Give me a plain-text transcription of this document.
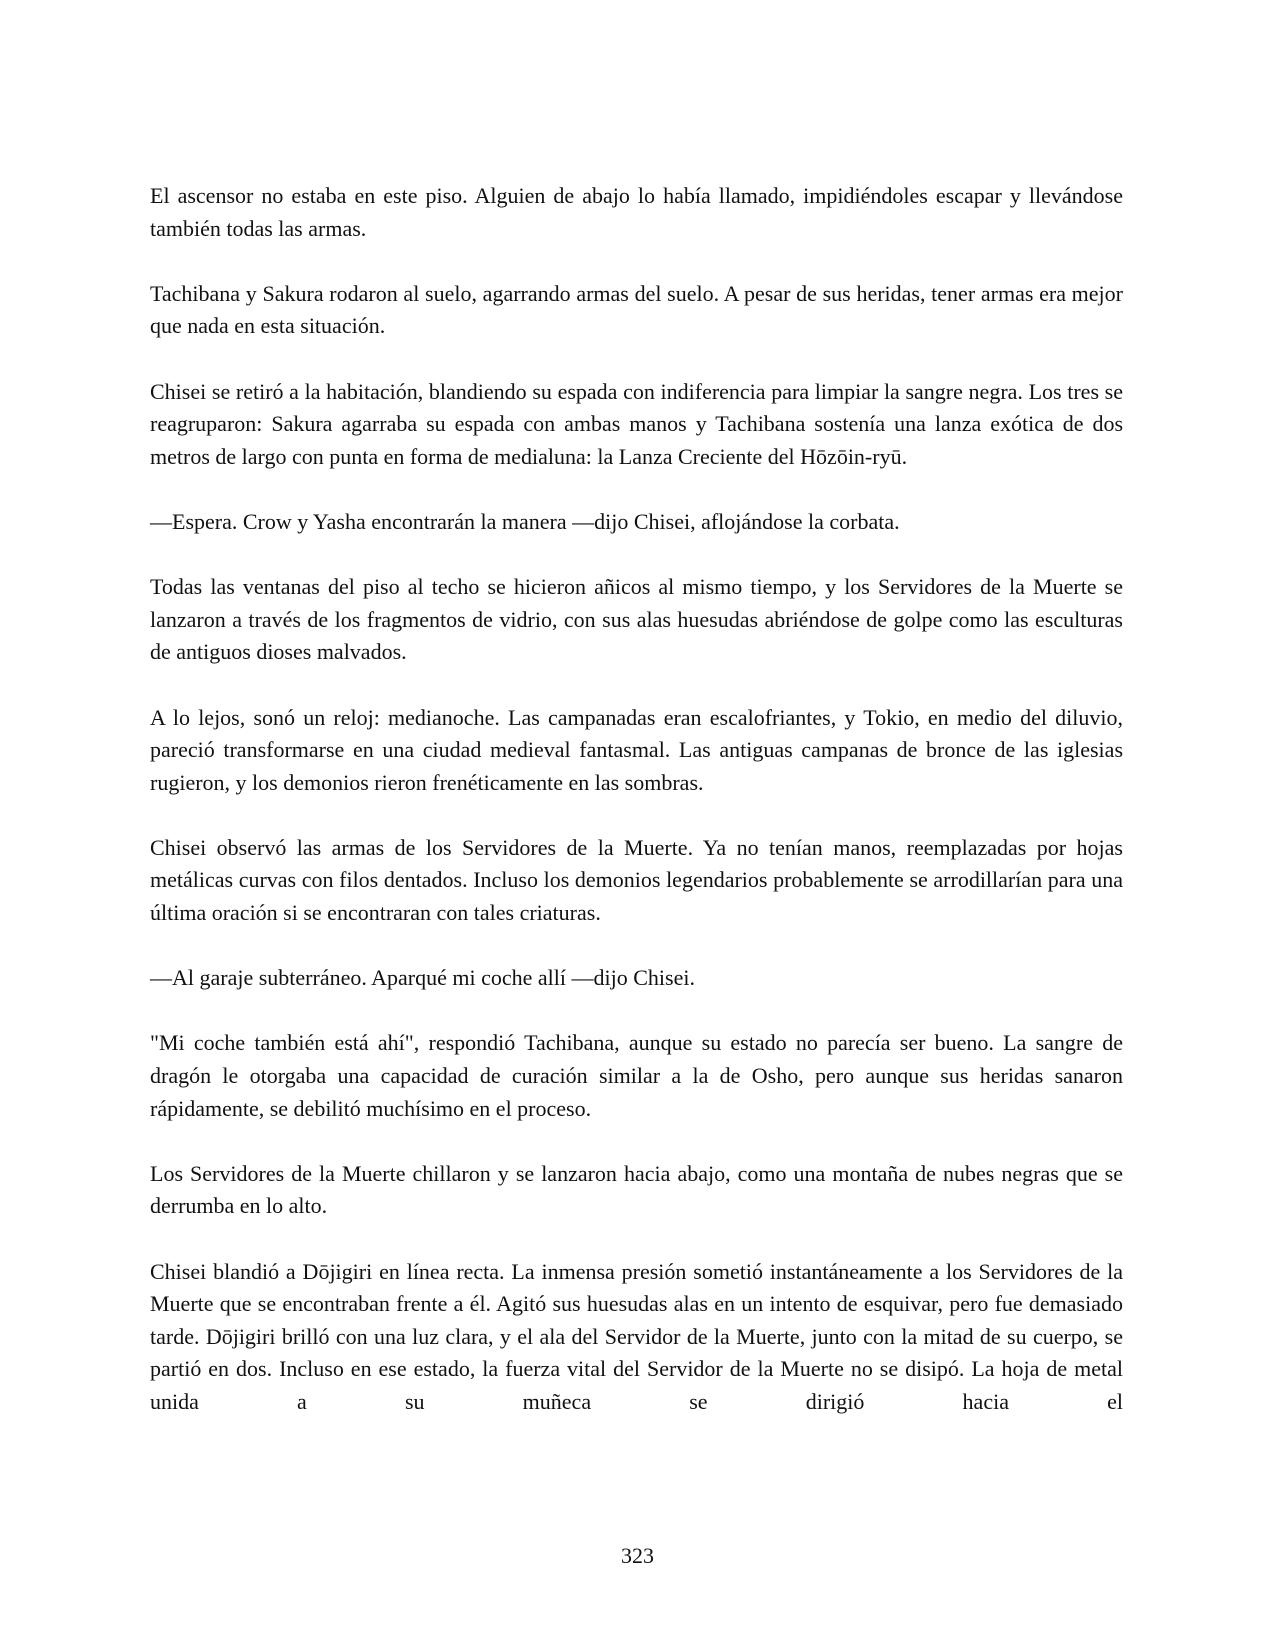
El ascensor no estaba en este piso. Alguien de abajo lo había llamado, impidiéndoles escapar y llevándose también todas las armas.

Tachibana y Sakura rodaron al suelo, agarrando armas del suelo. A pesar de sus heridas, tener armas era mejor que nada en esta situación.

Chisei se retiró a la habitación, blandiendo su espada con indiferencia para limpiar la sangre negra. Los tres se reagruparon: Sakura agarraba su espada con ambas manos y Tachibana sostenía una lanza exótica de dos metros de largo con punta en forma de medialuna: la Lanza Creciente del Hōzōin-ryū.

—Espera. Crow y Yasha encontrarán la manera —dijo Chisei, aflojándose la corbata.

Todas las ventanas del piso al techo se hicieron añicos al mismo tiempo, y los Servidores de la Muerte se lanzaron a través de los fragmentos de vidrio, con sus alas huesudas abriéndose de golpe como las esculturas de antiguos dioses malvados.

A lo lejos, sonó un reloj: medianoche. Las campanadas eran escalofriantes, y Tokio, en medio del diluvio, pareció transformarse en una ciudad medieval fantasmal. Las antiguas campanas de bronce de las iglesias rugieron, y los demonios rieron frenéticamente en las sombras.

Chisei observó las armas de los Servidores de la Muerte. Ya no tenían manos, reemplazadas por hojas metálicas curvas con filos dentados. Incluso los demonios legendarios probablemente se arrodillarían para una última oración si se encontraran con tales criaturas.

—Al garaje subterráneo. Aparqué mi coche allí —dijo Chisei.

"Mi coche también está ahí", respondió Tachibana, aunque su estado no parecía ser bueno. La sangre de dragón le otorgaba una capacidad de curación similar a la de Osho, pero aunque sus heridas sanaron rápidamente, se debilitó muchísimo en el proceso.

Los Servidores de la Muerte chillaron y se lanzaron hacia abajo, como una montaña de nubes negras que se derrumba en lo alto.

Chisei blandió a Dōjigiri en línea recta. La inmensa presión sometió instantáneamente a los Servidores de la Muerte que se encontraban frente a él. Agitó sus huesudas alas en un intento de esquivar, pero fue demasiado tarde. Dōjigiri brilló con una luz clara, y el ala del Servidor de la Muerte, junto con la mitad de su cuerpo, se partió en dos. Incluso en ese estado, la fuerza vital del Servidor de la Muerte no se disipó. La hoja de metal unida a su muñeca se dirigió hacia el

323
